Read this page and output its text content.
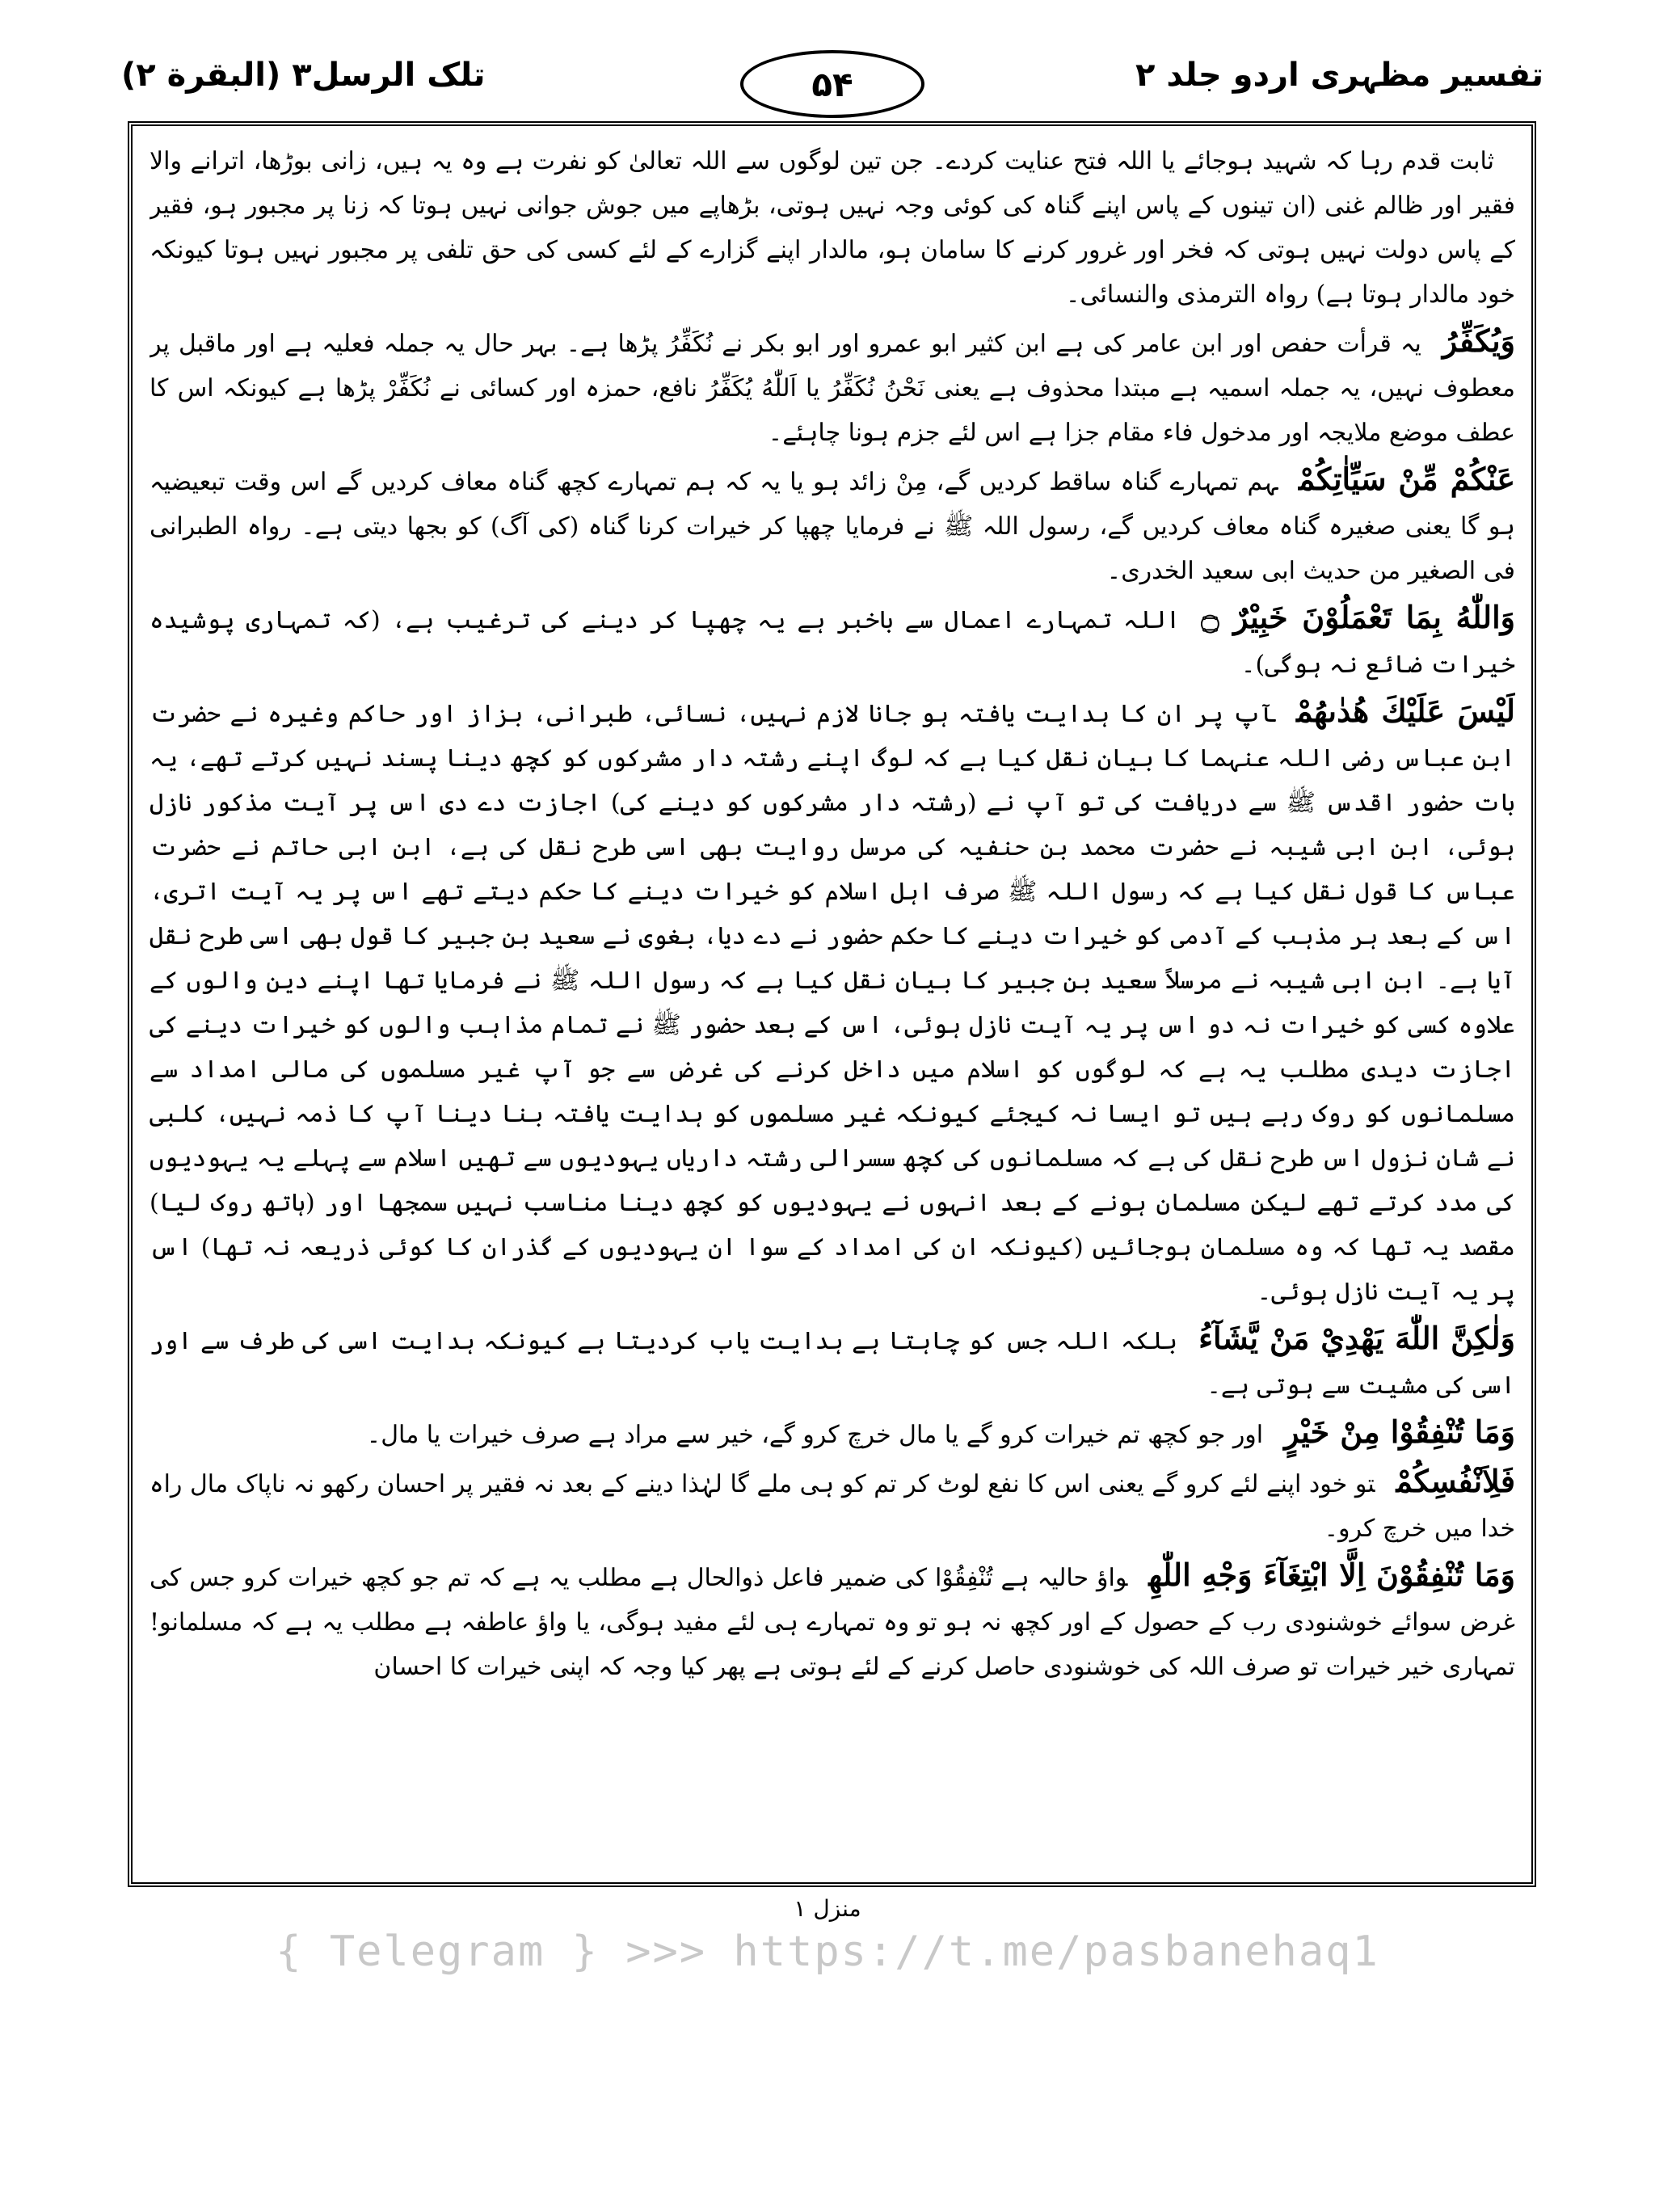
تفسیر مظہری اردو جلد ۲
۵۴
تلک الرسل۳ (البقرة ۲)

ثابت قدم رہا کہ شہید ہوجائے یا اللہ فتح عنایت کردے۔ جن تین لوگوں سے اللہ تعالیٰ کو نفرت ہے وہ یہ ہیں، زانی بوڑھا، اترانے والا فقیر اور ظالم غنی (ان تینوں کے پاس اپنے گناہ کی کوئی وجہ نہیں ہوتی، بڑھاپے میں جوش جوانی نہیں ہوتا کہ زنا پر مجبور ہو، فقیر کے پاس دولت نہیں ہوتی کہ فخر اور غرور کرنے کا سامان ہو، مالدار اپنے گزارے کے لئے کسی کی حق تلفی پر مجبور نہیں ہوتا کیونکہ خود مالدار ہوتا ہے) رواہ الترمذی والنسائی۔

وَيُكَفِّرُیہ قرأت حفص اور ابن عامر کی ہے ابن کثیر ابو عمرو اور ابو بکر نے نُكَفِّرُ پڑھا ہے۔ بہر حال یہ جملہ فعلیہ ہے اور ماقبل پر معطوف نہیں، یہ جملہ اسمیہ ہے مبتدا محذوف ہے یعنی نَحْنُ نُكَفِّرُ یا اَللّٰهُ يُكَفِّرُ نافع، حمزہ اور کسائی نے نُكَفِّرْ پڑھا ہے کیونکہ اس کا عطف موضع ملایجہ اور مدخول فاء مقام جزا ہے اس لئے جزم ہونا چاہئے۔

عَنْكُمْ مِّنْ سَيِّاٰتِكُمْہم تمہارے گناہ ساقط کردیں گے، مِنْ زائد ہو یا یہ کہ ہم تمہارے کچھ گناہ معاف کردیں گے اس وقت تبعیضیہ ہو گا یعنی صغیرہ گناہ معاف کردیں گے، رسول اللہ ﷺ نے فرمایا چھپا کر خیرات کرنا گناہ (کی آگ) کو بجھا دیتی ہے۔ رواہ الطبرانی فی الصغیر من حدیث ابی سعید الخدری۔

وَاللّٰهُ بِمَا تَعْمَلُوْنَ خَبِيْرٌ ۝اللہ تمہارے اعمال سے باخبر ہے یہ چھپا کر دینے کی ترغیب ہے، (کہ تمہاری پوشیدہ خیرات ضائع نہ ہوگی)۔

لَيْسَ عَلَيْكَ هُدٰىهُمْآپ پر ان کا ہدایت یافتہ ہو جانا لازم نہیں، نسائی، طبرانی، بزاز اور حاکم وغیرہ نے حضرت ابن عباس رضی اللہ عنہما کا بیان نقل کیا ہے کہ لوگ اپنے رشتہ دار مشرکوں کو کچھ دینا پسند نہیں کرتے تھے، یہ بات حضور اقدس ﷺ سے دریافت کی تو آپ نے (رشتہ دار مشرکوں کو دینے کی) اجازت دے دی اس پر آیت مذکور نازل ہوئی، ابن ابی شیبہ نے حضرت محمد بن حنفیہ کی مرسل روایت بھی اسی طرح نقل کی ہے، ابن ابی حاتم نے حضرت عباس کا قول نقل کیا ہے کہ رسول اللہ ﷺ صرف اہل اسلام کو خیرات دینے کا حکم دیتے تھے اس پر یہ آیت اتری، اس کے بعد ہر مذہب کے آدمی کو خیرات دینے کا حکم حضور نے دے دیا، بغوی نے سعید بن جبیر کا قول بھی اسی طرح نقل آیا ہے۔ ابن ابی شیبہ نے مرسلاً سعید بن جبیر کا بیان نقل کیا ہے کہ رسول اللہ ﷺ نے فرمایا تھا اپنے دین والوں کے علاوہ کسی کو خیرات نہ دو اس پر یہ آیت نازل ہوئی، اس کے بعد حضور ﷺ نے تمام مذاہب والوں کو خیرات دینے کی اجازت دیدی مطلب یہ ہے کہ لوگوں کو اسلام میں داخل کرنے کی غرض سے جو آپ غیر مسلموں کی مالی امداد سے مسلمانوں کو روک رہے ہیں تو ایسا نہ کیجئے کیونکہ غیر مسلموں کو ہدایت یافتہ بنا دینا آپ کا ذمہ نہیں، کلبی نے شان نزول اس طرح نقل کی ہے کہ مسلمانوں کی کچھ سسرالی رشتہ داریاں یہودیوں سے تھیں اسلام سے پہلے یہ یہودیوں کی مدد کرتے تھے لیکن مسلمان ہونے کے بعد انہوں نے یہودیوں کو کچھ دینا مناسب نہیں سمجھا اور (ہاتھ روک لیا) مقصد یہ تھا کہ وہ مسلمان ہوجائیں (کیونکہ ان کی امداد کے سوا ان یہودیوں کے گذران کا کوئی ذریعہ نہ تھا) اس پر یہ آیت نازل ہوئی۔

وَلٰكِنَّ اللّٰهَ يَهْدِيْ مَنْ يَّشَآءُبلکہ اللہ جس کو چاہتا ہے ہدایت یاب کردیتا ہے کیونکہ ہدایت اسی کی طرف سے اور اسی کی مشیت سے ہوتی ہے۔

وَمَا تُنْفِقُوْا مِنْ خَيْرٍاور جو کچھ تم خیرات کرو گے یا مال خرچ کرو گے، خیر سے مراد ہے صرف خیرات یا مال۔

فَلِاَنْفُسِكُمْتو خود اپنے لئے کرو گے یعنی اس کا نفع لوٹ کر تم کو ہی ملے گا لہٰذا دینے کے بعد نہ فقیر پر احسان رکھو نہ ناپاک مال راہ خدا میں خرچ کرو۔

وَمَا تُنْفِقُوْنَ اِلَّا ابْتِغَآءَ وَجْهِ اللّٰهِواؤ حالیہ ہے تُنْفِقُوْا کی ضمیر فاعل ذوالحال ہے مطلب یہ ہے کہ تم جو کچھ خیرات کرو جس کی غرض سوائے خوشنودی رب کے حصول کے اور کچھ نہ ہو تو وہ تمہارے ہی لئے مفید ہوگی، یا واؤ عاطفہ ہے مطلب یہ ہے کہ مسلمانو! تمہاری خیر خیرات تو صرف اللہ کی خوشنودی حاصل کرنے کے لئے ہوتی ہے پھر کیا وجہ کہ اپنی خیرات کا احسان

منزل ۱
{ Telegram } >>> https://t.me/pasbanehaq1
